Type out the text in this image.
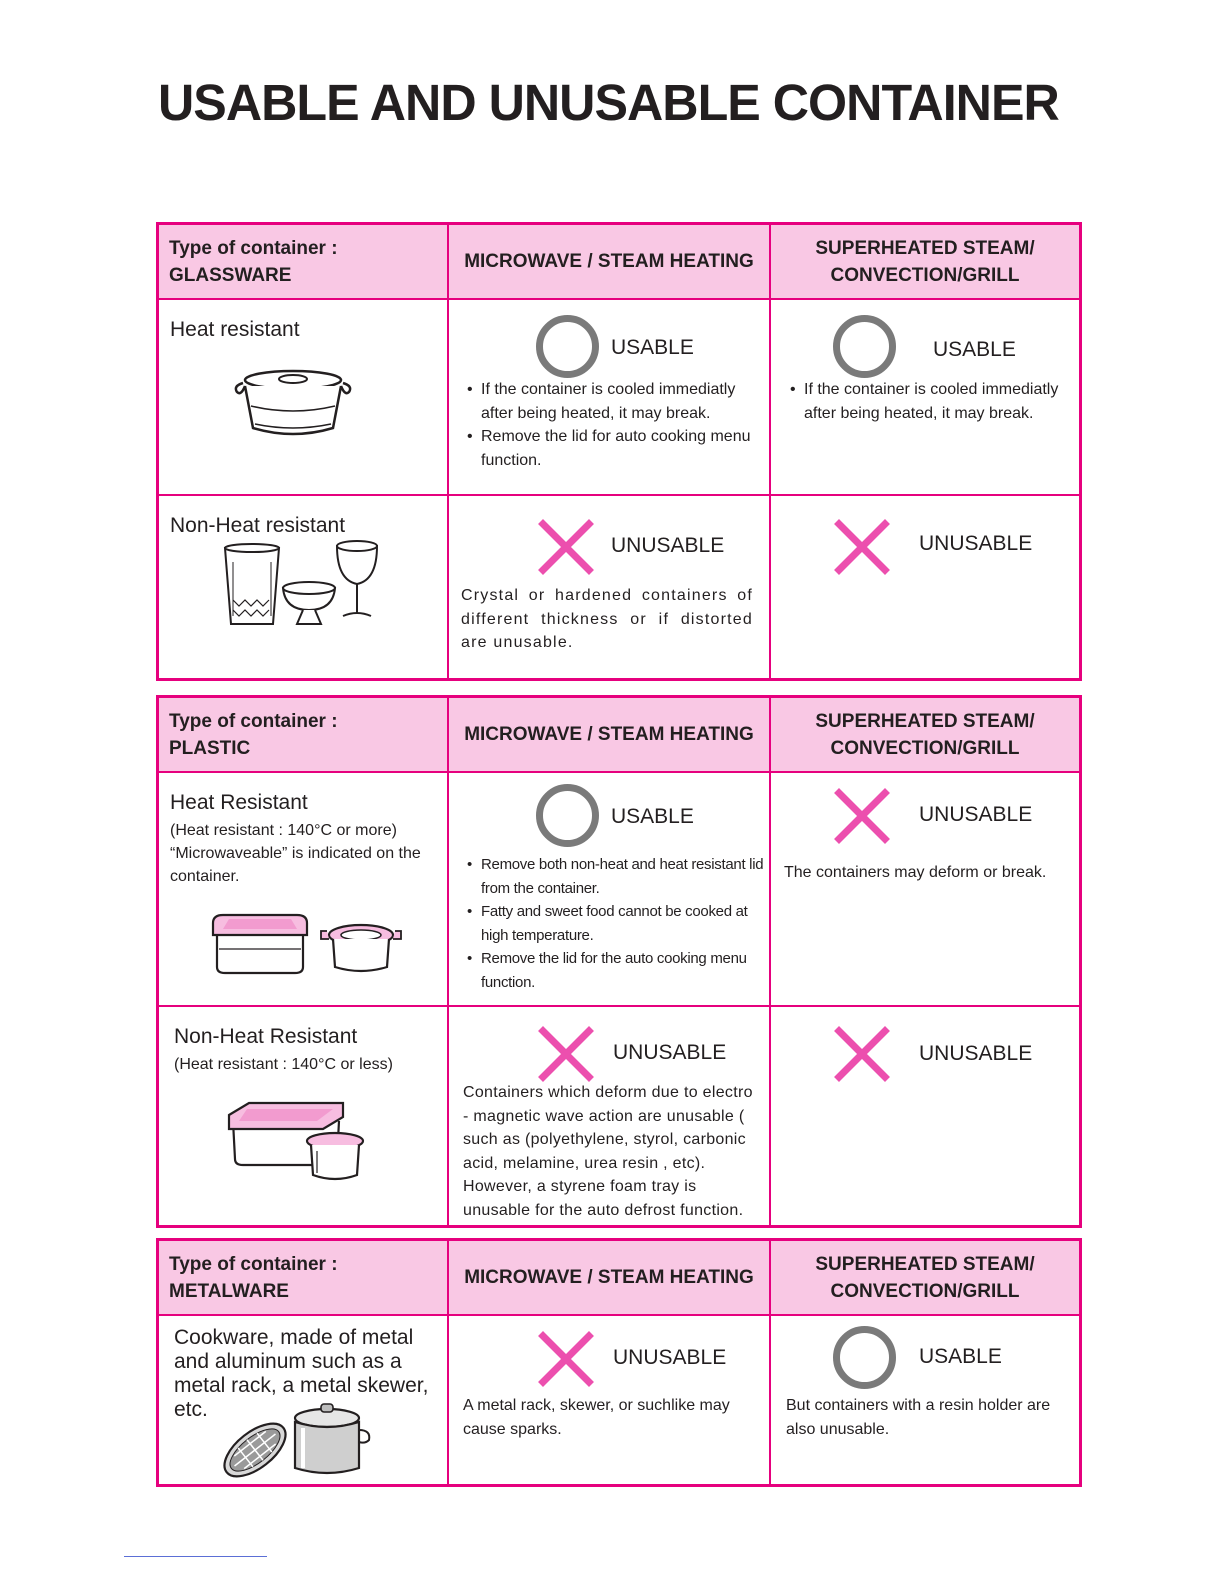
USABLE AND UNUSABLE CONTAINER
Type of container :
GLASSWARE
MICROWAVE / STEAM HEATING
SUPERHEATED STEAM/
CONVECTION/GRILL
Heat resistant
USABLE
• If the container is cooled immediatly after being heated, it may break.
• Remove the lid for auto cooking menu function.
USABLE
• If the container is cooled immediatly after being heated, it may break.
Non-Heat resistant
UNUSABLE
Crystal or hardened containers of different thickness or if distorted are unusable.
UNUSABLE
Type of container :
PLASTIC
MICROWAVE / STEAM HEATING
SUPERHEATED STEAM/
CONVECTION/GRILL
Heat Resistant
(Heat resistant : 140°C or more)
“Microwaveable” is indicated on the container.
USABLE
• Remove both non-heat and heat resistant lid from the container.
• Fatty and sweet food cannot be cooked at high temperature.
• Remove the lid for the auto cooking menu function.
UNUSABLE
The containers may deform or break.
Non-Heat Resistant
(Heat resistant : 140°C or less)
UNUSABLE
Containers which deform due to electro - magnetic wave action are unusable ( such as (polyethylene, styrol, carbonic acid, melamine, urea resin , etc). However, a styrene foam tray is unusable for the auto defrost function.
UNUSABLE
Type of container :
METALWARE
MICROWAVE / STEAM HEATING
SUPERHEATED STEAM/
CONVECTION/GRILL
Cookware, made of metal and aluminum such as a metal rack, a metal skewer, etc.
UNUSABLE
A metal rack, skewer, or suchlike may cause sparks.
USABLE
But containers with a resin holder are also unusable.
